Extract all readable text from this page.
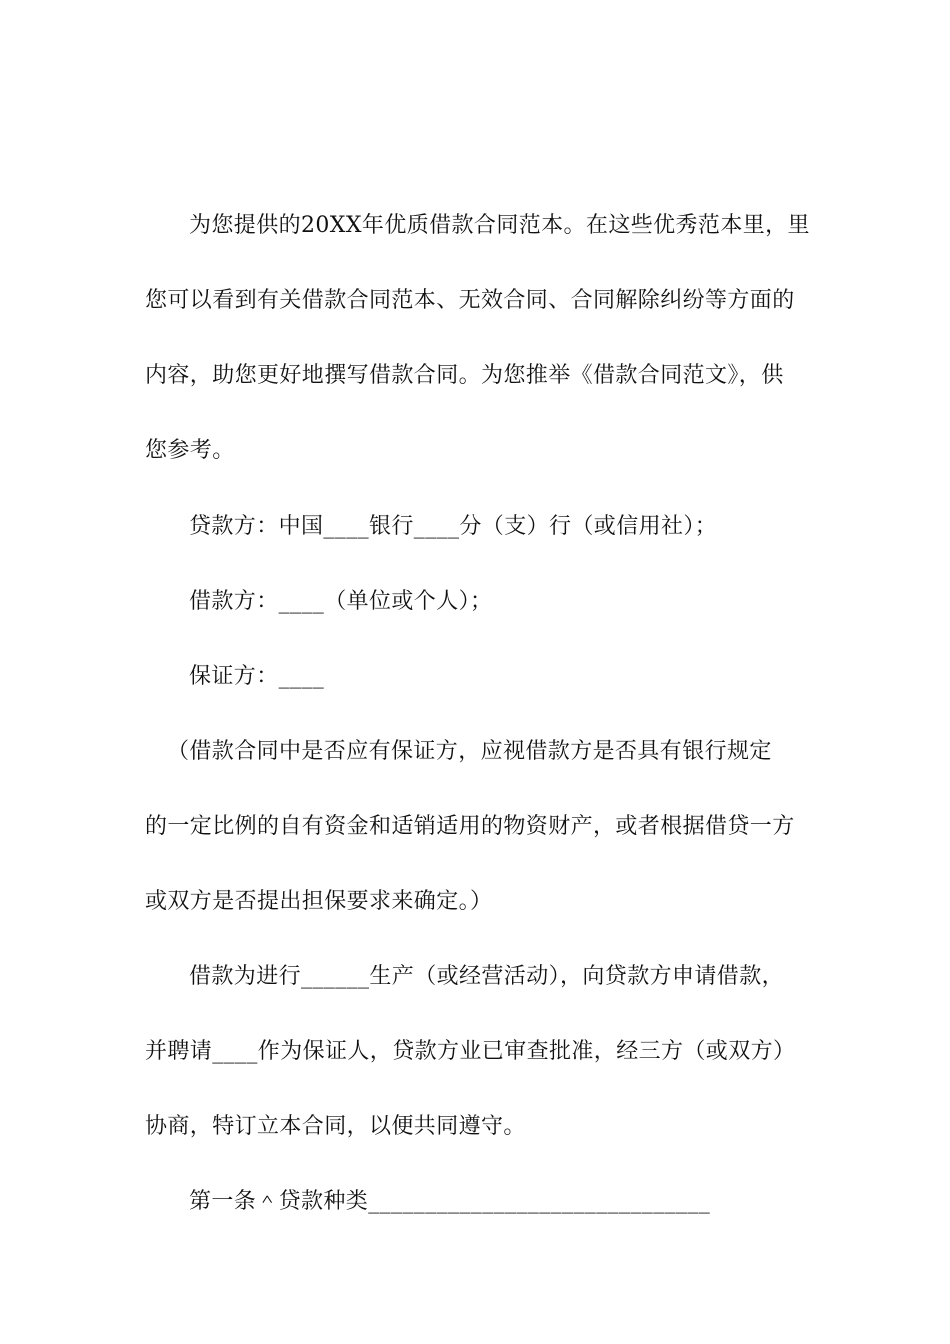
为您提供的20XX年优质借款合同范本。在这些优秀范本里，里
您可以看到有关借款合同范本、无效合同、合同解除纠纷等方面的
内容，助您更好地撰写借款合同。为您推举《借款合同范文》，供
您参考。
贷款方：中国____银行____分（支）行（或信用社）；
借款方：____（单位或个人）；
保证方：____
（借款合同中是否应有保证方，应视借款方是否具有银行规定
的一定比例的自有资金和适销适用的物资财产，或者根据借贷一方
或双方是否提出担保要求来确定。）
借款为进行______生产（或经营活动），向贷款方申请借款，
并聘请____作为保证人，贷款方业已审查批准，经三方（或双方）
协商，特订立本合同，以便共同遵守。
第一条＾贷款种类______________________________
